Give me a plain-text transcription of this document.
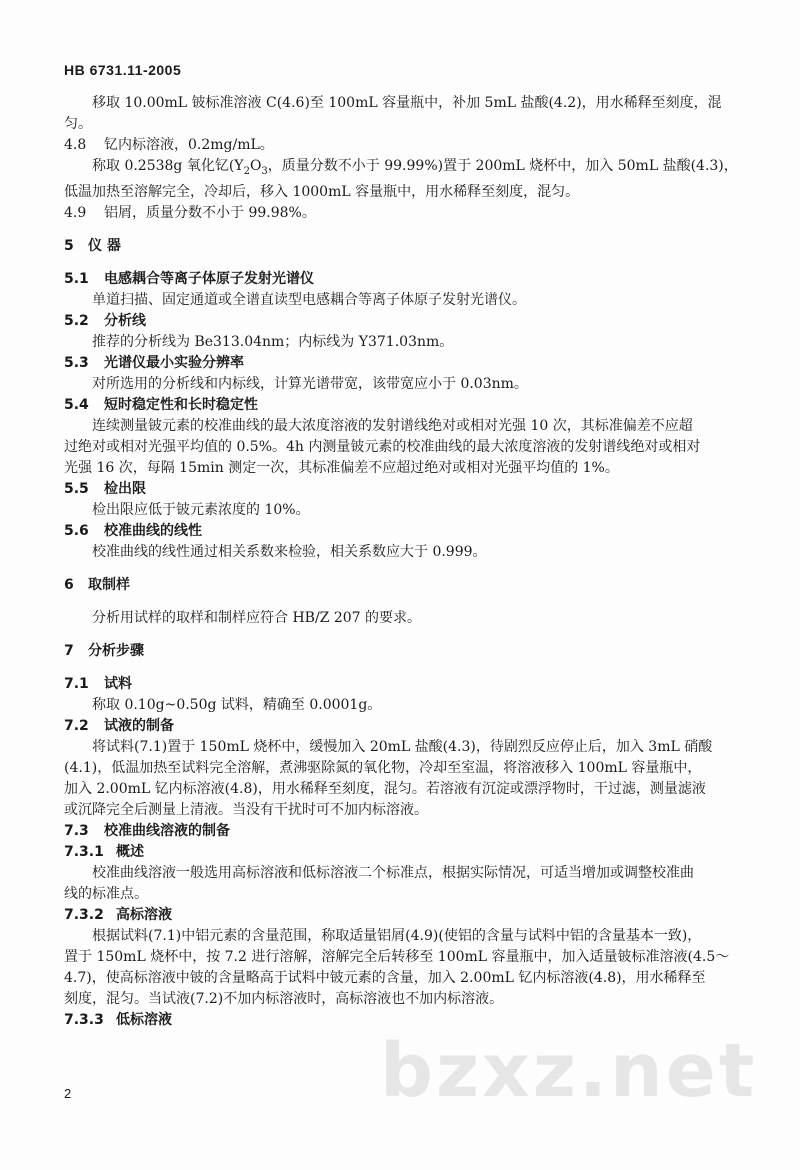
HB 6731.11-2005

移取 10.00mL 铍标准溶液 C(4.6)至 100mL 容量瓶中，补加 5mL 盐酸(4.2)，用水稀释至刻度，混

匀。

4.8 钇内标溶液，0.2mg/mL。

称取 0.2538g 氧化钇($Y_2O_3$，质量分数不小于 99.99%)置于 200mL 烧杯中，加入 50mL 盐酸(4.3)，

低温加热至溶解完全，冷却后，移入 1000mL 容量瓶中，用水稀释至刻度，混匀。

4.9 铝屑，质量分数不小于 99.98%。

5 仪 器

5.1 电感耦合等离子体原子发射光谱仪

单道扫描、固定通道或全谱直读型电感耦合等离子体原子发射光谱仪。

5.2 分析线

推荐的分析线为 Be313.04nm；内标线为 Y371.03nm。

5.3 光谱仪最小实验分辨率

对所选用的分析线和内标线，计算光谱带宽，该带宽应小于 0.03nm。

5.4 短时稳定性和长时稳定性

连续测量铍元素的校准曲线的最大浓度溶液的发射谱线绝对或相对光强 10 次，其标准偏差不应超

过绝对或相对光强平均值的 0.5%。4h 内测量铍元素的校准曲线的最大浓度溶液的发射谱线绝对或相对

光强 16 次，每隔 15min 测定一次，其标准偏差不应超过绝对或相对光强平均值的 1%。

5.5 检出限

检出限应低于铍元素浓度的 10%。

5.6 校准曲线的线性

校准曲线的线性通过相关系数来检验，相关系数应大于 0.999。

6 取制样

分析用试样的取样和制样应符合 HB/Z 207 的要求。

7 分析步骤

7.1 试料

称取 0.10g~0.50g 试料，精确至 0.0001g。

7.2 试液的制备

将试料(7.1)置于 150mL 烧杯中，缓慢加入 20mL 盐酸(4.3)，待剧烈反应停止后，加入 3mL 硝酸

(4.1)，低温加热至试料完全溶解，煮沸驱除氮的氧化物，冷却至室温，将溶液移入 100mL 容量瓶中，

加入 2.00mL 钇内标溶液(4.8)，用水稀释至刻度，混匀。若溶液有沉淀或漂浮物时，干过滤，测量滤液

或沉降完全后测量上清液。当没有干扰时可不加内标溶液。

7.3 校准曲线溶液的制备

7.3.1 概述

校准曲线溶液一般选用高标溶液和低标溶液二个标准点，根据实际情况，可适当增加或调整校准曲

线的标准点。

7.3.2 高标溶液

根据试料(7.1)中铝元素的含量范围，称取适量铝屑(4.9)(使铝的含量与试料中铝的含量基本一致)，

置于 150mL 烧杯中，按 7.2 进行溶解，溶解完全后转移至 100mL 容量瓶中，加入适量铍标准溶液(4.5～

4.7)，使高标溶液中铍的含量略高于试料中铍元素的含量，加入 2.00mL 钇内标溶液(4.8)，用水稀释至

刻度，混匀。当试液(7.2)不加内标溶液时，高标溶液也不加内标溶液。

7.3.3 低标溶液

bzxz.net
2
